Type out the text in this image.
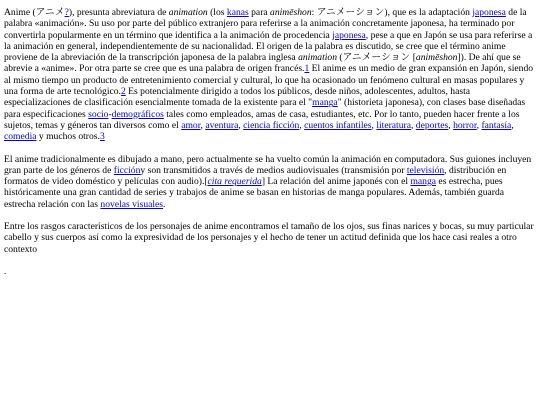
Anime (アニメ?), presunta abreviatura de animation (los kanas para animēshon: アニメーション), que es la adaptación japonesa de la palabra «animación». Su uso por parte del público extranjero para referirse a la animación concretamente japonesa, ha terminado por convertirla popularmente en un término que identifica a la animación de procedencia japonesa, pese a que en Japón se usa para referirse a la animación en general, independientemente de su nacionalidad. El origen de la palabra es discutido, se cree que el término anime proviene de la abreviación de la transcripción japonesa de la palabra inglesa animation (アニメーション [animēshon]). De ahí que se abrevie a «anime». Por otra parte se cree que es una palabra de origen francés.1 El anime es un medio de gran expansión en Japón, siendo al mismo tiempo un producto de entretenimiento comercial y cultural, lo que ha ocasionado un fenómeno cultural en masas populares y una forma de arte tecnológico.2 Es potencialmente dirigido a todos los públicos, desde niños, adolescentes, adultos, hasta especializaciones de clasificación esencialmente tomada de la existente para el "manga" (historieta japonesa), con clases base diseñadas para especificaciones socio-demográficos tales como empleados, amas de casa, estudiantes, etc. Por lo tanto, pueden hacer frente a los sujetos, temas y géneros tan diversos como el amor, aventura, ciencia ficción, cuentos infantiles, literatura, deportes, horror, fantasía, comedia y muchos otros.3

El anime tradicionalmente es dibujado a mano, pero actualmente se ha vuelto común la animación en computadora. Sus guiones incluyen gran parte de los géneros de ficcióny son transmitidos a través de medios audiovisuales (transmisión por televisión, distribución en formatos de video doméstico y películas con audio).[cita requerida] La relación del anime japonés con el manga es estrecha, pues históricamente una gran cantidad de series y trabajos de anime se basan en historias de manga populares. Además, también guarda estrecha relación con las novelas visuales.

Entre los rasgos característicos de los personajes de anime encontramos el tamaño de los ojos, sus finas narices y bocas, su muy particular cabello y sus cuerpos así como la expresividad de los personajes y el hecho de tener un actitud definida que los hace casi reales a otro contexto

.
